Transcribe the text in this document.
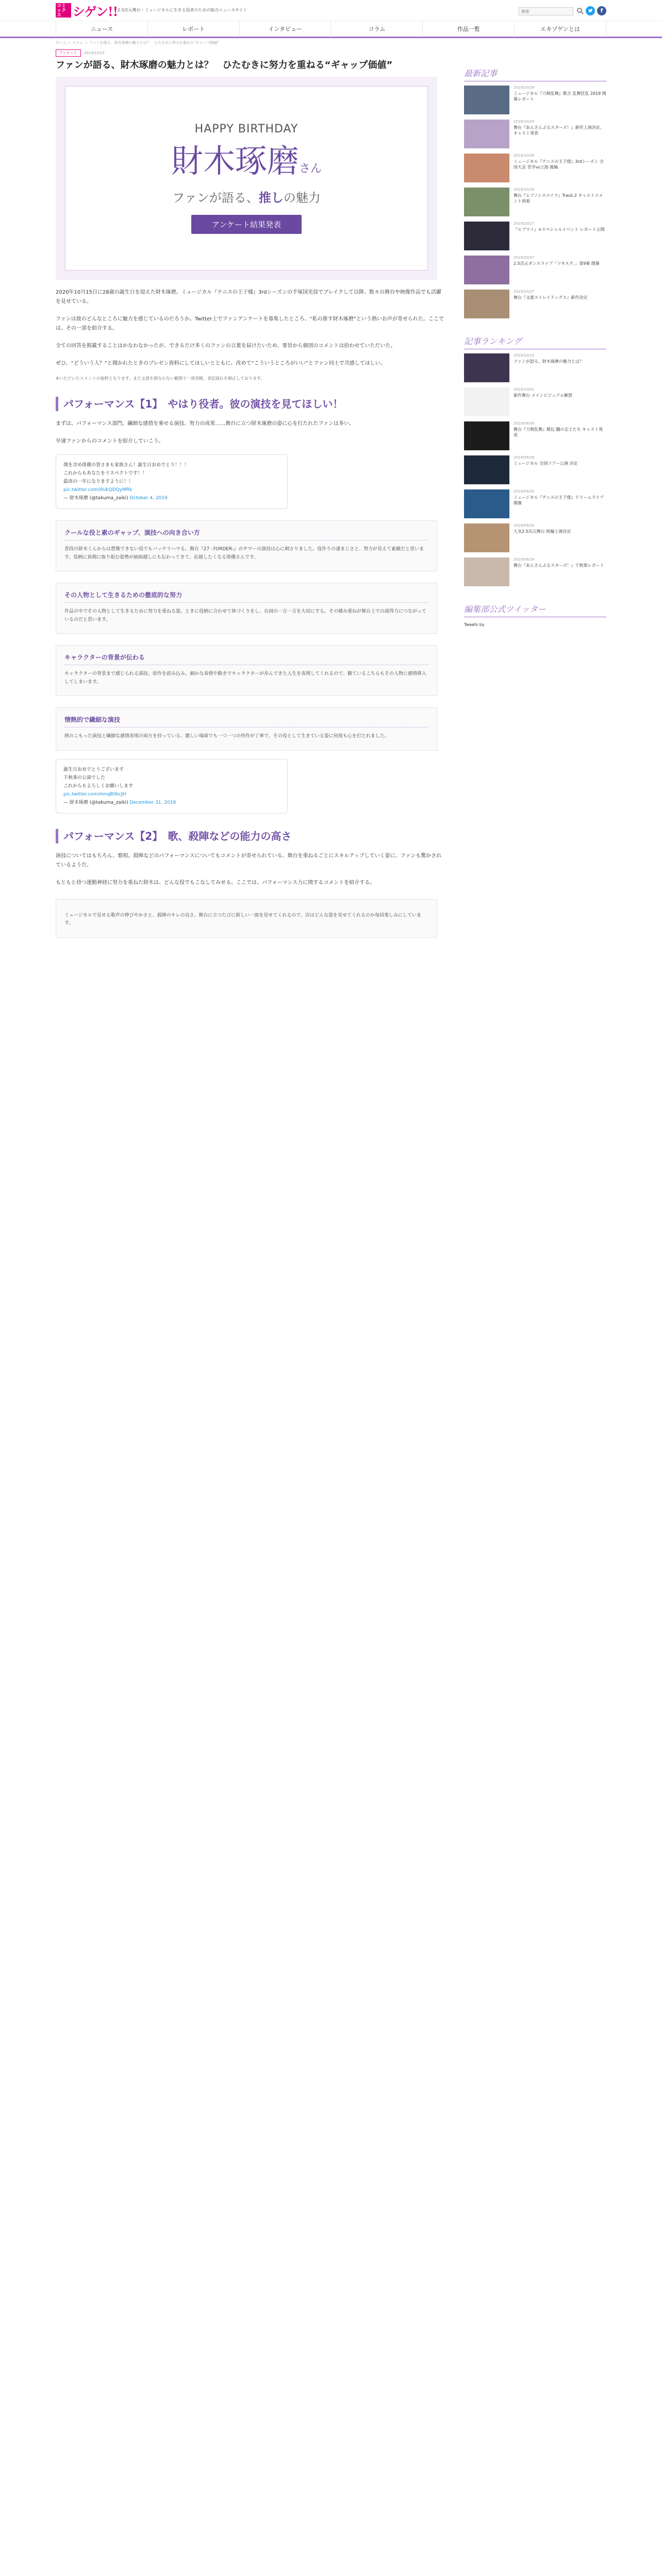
コミ ックス シゲン!! 2.5次元舞台・ミュージカルに生きる役者のための総合ニュースサイト
検索	f
ニュース	レポート	インタビュー	コラム	作品一覧	エキゾゲンとは
ホーム ＞ コラム ＞ ファンが語る、財木琢磨の魅力とは？　ひたむきに努力を重ねる“ギャップ価値”
アンケート	2019/10/15
ファンが語る、財木琢磨の魅力とは？　ひたむきに努力を重ねる“ギャップ価値”
HAPPY BIRTHDAY
財木琢磨さん
ファンが語る、推しの魅力
アンケート結果発表

2020年10月15日に28歳の誕生日を迎えた財木琢磨。ミュージカル『テニスの王子様』3rdシーズンの手塚国光役でブレイクして以降、数々の舞台や映像作品でも活躍を見せている。

ファンは彼のどんなところに魅力を感じているのだろうか。Twitter上でファンアンケートを募集したところ、“私の推す財木琢磨”という熱いお声が寄せられた。ここでは、その一部を紹介する。

全ての回答を掲載することはかなわなかったが、できるだけ多くのファンの言葉を届けたいため、要旨から個別のコメントは拾わせていただいた。

ぜひ、“どういう人？”と聞かれたときのプレゼン資料にしてほしいとともに、改めて“こういうところがいい”とファン同士で共感してほしい。

※いただいたコメントの抜粋となります。また文意を損なわない範囲で一部省略、表記揺れを修正しております。

パフォーマンス【1】　やはり役者。彼の演技を見てほしい！

まずは、パフォーマンス部門。繊細な感情を乗せる演技、努力の成果……舞台に立つ財木琢磨の姿に心を打たれたファンは多い。

早速ファンからのコメントを紹介していこう。

僕を含め俳優の皆さまも家族さん！誕生日おめでとう！！！
これからもあなたをリスペクトです！！
最高の一年になりますように！！
pic.twitter.com/0UkQDQyMRk
— 財木琢磨 (@takuma_zaiki) October 4, 2019
クールな役と素のギャップ、演技への向き合い方

普段の財木くんからは想像できない役でもバッチリハマる。舞台『27 -7ORDER-』のサマーの演技は心に刺さりました。役作りの凄まじさと、努力が見えて素敵だと思います。役柄に真剣に取り組む姿勢が画面越しにも伝わってきて、応援したくなる俳優さんです。

その人物として生きるための徹底的な努力

作品の中でその人物として生きるために努力を重ねる姿。ときに役柄に合わせて体づくりをし、台詞の一言一言を大切にする。その積み重ねが舞台上での説得力につながっているのだと思います。

キャラクターの背景が伝わる

キャラクターの背景まで感じられる演技。原作を読み込み、細かな表情や動きでキャラクターが歩んできた人生を表現してくれるので、観ているこちらもその人物に感情移入してしまいます。

情熱的で繊細な演技

熱のこもった演技と繊細な感情表現の両方を持っている。激しい場面でも一つ一つの所作が丁寧で、その役として生きている姿に何度も心を打たれました。

誕生日おめでとうございます
千秋楽の公演でした
これからもよろしくお願いします
pic.twitter.com/mnqB0kcJH
— 財木琢磨 (@takuma_zaiki) December 31, 2019
パフォーマンス【2】　歌、殺陣などの能力の高さ

演技についてはもちろん、歌唱、殺陣などのパフォーマンスについてもコメントが寄せられている。舞台を重ねるごとにスキルアップしていく姿に、ファンも驚かされているようだ。

もともと持つ運動神経に努力を重ねた財木は、どんな役でもこなしてみせる。ここでは、パフォーマンス力に関するコメントを紹介する。

ミュージカルで見せる歌声の伸びやかさと、殺陣のキレの良さ。舞台に立つたびに新しい一面を見せてくれるので、次はどんな姿を見せてくれるのか毎回楽しみにしています。

最新記事
2019/10/29
ミュージカル『刀剣乱舞』歌合 乱舞狂乱 2019 開幕レポート
2019/10/29
舞台『あんさんぶるスターズ！』新作上演決定、キャスト発表
2019/10/28
ミュージカル『テニスの王子様』3rdシーズン 全国大会 青学vs立海 後編
2019/10/28
舞台『ヒプノシスマイク』Track.2 キャストコメント到着
2019/10/27
『ヒプマイ』×スペシャルイベント レポート公開
2019/10/27
2.5次元ダンスライブ「ツキステ。」第9幕 開幕
2019/10/27
舞台『文豪ストレイドッグス』新作決定
記事ランキング
2019/10/15
ファンが語る、財木琢磨の魅力とは？
2019/10/01
新作舞台 メインビジュアル解禁
2019/09/30
舞台『刀剣乱舞』維伝 朧の志士たち キャスト発表
2019/09/28
ミュージカル 全国ツアー公演 決定
2019/09/25
ミュージカル『テニスの王子様』ドリームライブ 開催
2019/09/20
人気2.5次元舞台 続編上演決定
2019/09/18
舞台『あんさんぶるスターズ！』千秋楽レポート
編集部公式ツイッター
Tweets by
